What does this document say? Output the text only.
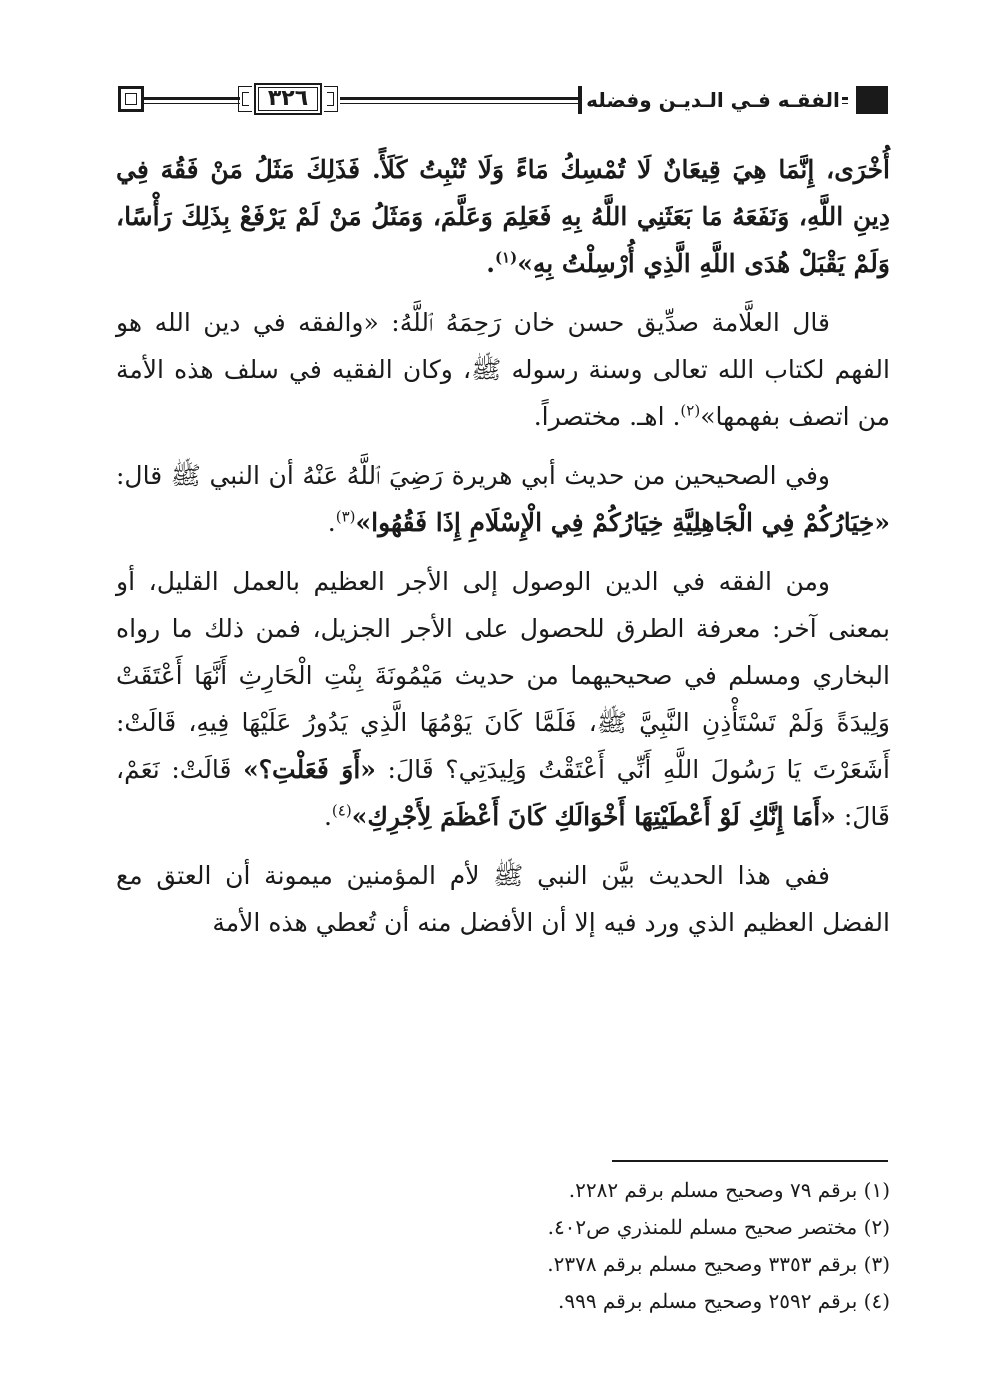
الفقـه فـي الـديـن وفضله
٣٢٦

أُخْرَى، إِنَّمَا هِيَ قِيعَانٌ لَا تُمْسِكُ مَاءً وَلَا تُنْبِتُ كَلَأً. فَذَلِكَ مَثَلُ مَنْ فَقُهَ فِي دِينِ اللَّهِ، وَنَفَعَهُ مَا بَعَثَنِي اللَّهُ بِهِ فَعَلِمَ وَعَلَّمَ، وَمَثَلُ مَنْ لَمْ يَرْفَعْ بِذَلِكَ رَأْسًا، وَلَمْ يَقْبَلْ هُدَى اللَّهِ الَّذِي أُرْسِلْتُ بِهِ»$^{(١)}$.

قال العلَّامة صدِّيق حسن خان رَحِمَهُ ٱللَّهُ: «والفقه في دين الله هو الفهم لكتاب الله تعالى وسنة رسوله ﷺ، وكان الفقيه في سلف هذه الأمة من اتصف بفهمها»$^{(٢)}$. اهـ. مختصراً.

وفي الصحيحين من حديث أبي هريرة رَضِيَ ٱللَّهُ عَنْهُ أن النبي ﷺ قال: «خِيَارُكُمْ فِي الْجَاهِلِيَّةِ خِيَارُكُمْ فِي الْإِسْلَامِ إِذَا فَقُهُوا»$^{(٣)}$.

ومن الفقه في الدين الوصول إلى الأجر العظيم بالعمل القليل، أو بمعنى آخر: معرفة الطرق للحصول على الأجر الجزيل، فمن ذلك ما رواه البخاري ومسلم في صحيحيهما من حديث مَيْمُونَةَ بِنْتِ الْحَارِثِ أَنَّهَا أَعْتَقَتْ وَلِيدَةً وَلَمْ تَسْتَأْذِنِ النَّبِيَّ ﷺ، فَلَمَّا كَانَ يَوْمُهَا الَّذِي يَدُورُ عَلَيْهَا فِيهِ، قَالَتْ: أَشَعَرْتَ يَا رَسُولَ اللَّهِ أَنِّي أَعْتَقْتُ وَلِيدَتِي؟ قَالَ: «أَوَ فَعَلْتِ؟» قَالَتْ: نَعَمْ، قَالَ: «أَمَا إِنَّكِ لَوْ أَعْطَيْتِهَا أَخْوَالَكِ كَانَ أَعْظَمَ لِأَجْرِكِ»$^{(٤)}$.

ففي هذا الحديث بيَّن النبي ﷺ لأم المؤمنين ميمونة أن العتق مع الفضل العظيم الذي ورد فيه إلا أن الأفضل منه أن تُعطي هذه الأمة

(١) برقم ٧٩ وصحيح مسلم برقم ٢٢٨٢.
(٢) مختصر صحيح مسلم للمنذري ص٤٠٢.
(٣) برقم ٣٣٥٣ وصحيح مسلم برقم ٢٣٧٨.
(٤) برقم ٢٥٩٢ وصحيح مسلم برقم ٩٩٩.
